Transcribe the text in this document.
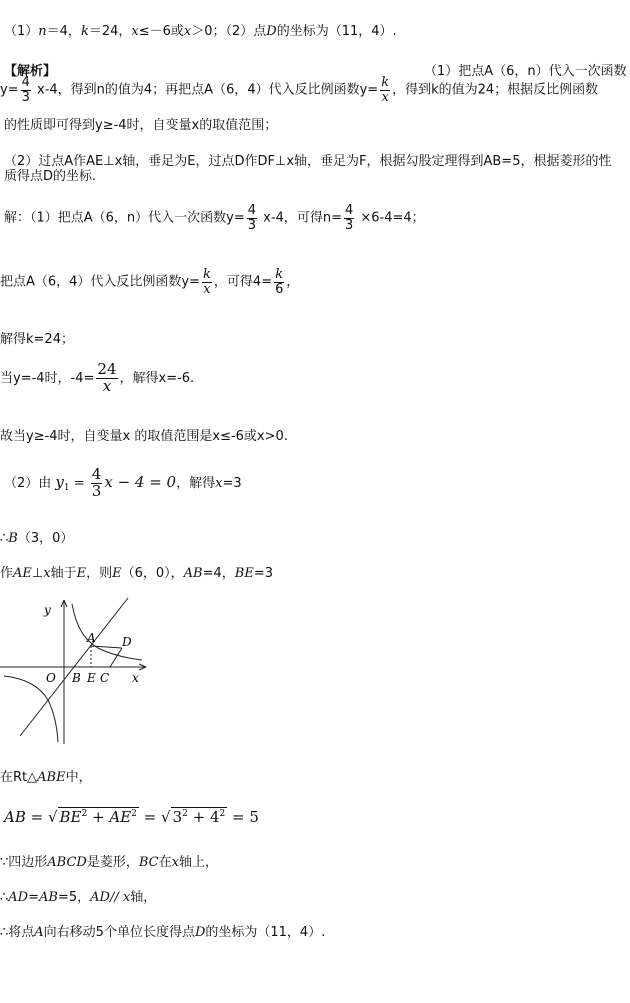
（1）n＝4，k＝24，x≤－6或x＞0；（2）点D的坐标为（11，4）.
【解析】	（1）把点A（6，n）代入一次函数
$y= \frac{4}{3} x-4$，得到n的值为4；再把点A（6，4）代入反比例函数$y= \frac{k}{x}$ ，得到k的值为24；根据反比例函数
的性质即可得到y≥-4时，自变量x的取值范围；
（2）过点A作AE⊥x轴，垂足为E，过点D作DF⊥x轴，垂足为F，根据勾股定理得到AB=5，根据菱形的性
质得点D的坐标.
解：（1）把点A（6，n）代入一次函数$y= \frac{4}{3} x-4$，可得$n= \frac{4}{3} \times 6-4=4$；
把点A（6，4）代入反比例函数$y= \frac{k}{x}$ ，可得$4= \frac{k}{6}$ ，
解得k=24；
当y=-4时，$-4= \frac{24}{x}$ ，解得x=-6.
故当y≥-4时，自变量x 的取值范围是x≤-6或x>0.
（2）由 $y_1 = \frac{4}{3}$ x − 4 = 0，解得x=3
∴B（3，0）
作AE⊥x轴于E，则E（6，0），AB=4，BE=3
y
x
O
A
B E C
D
在Rt△ABE中，
AB = √ $BE^2 + AE^2$ = √ $3^2 + 4^2 = 5$
∵四边形ABCD是菱形，BC在x轴上，
∴AD=AB=5，AD// x轴，
∴将点A向右移动5个单位长度得点D的坐标为（11，4）.
